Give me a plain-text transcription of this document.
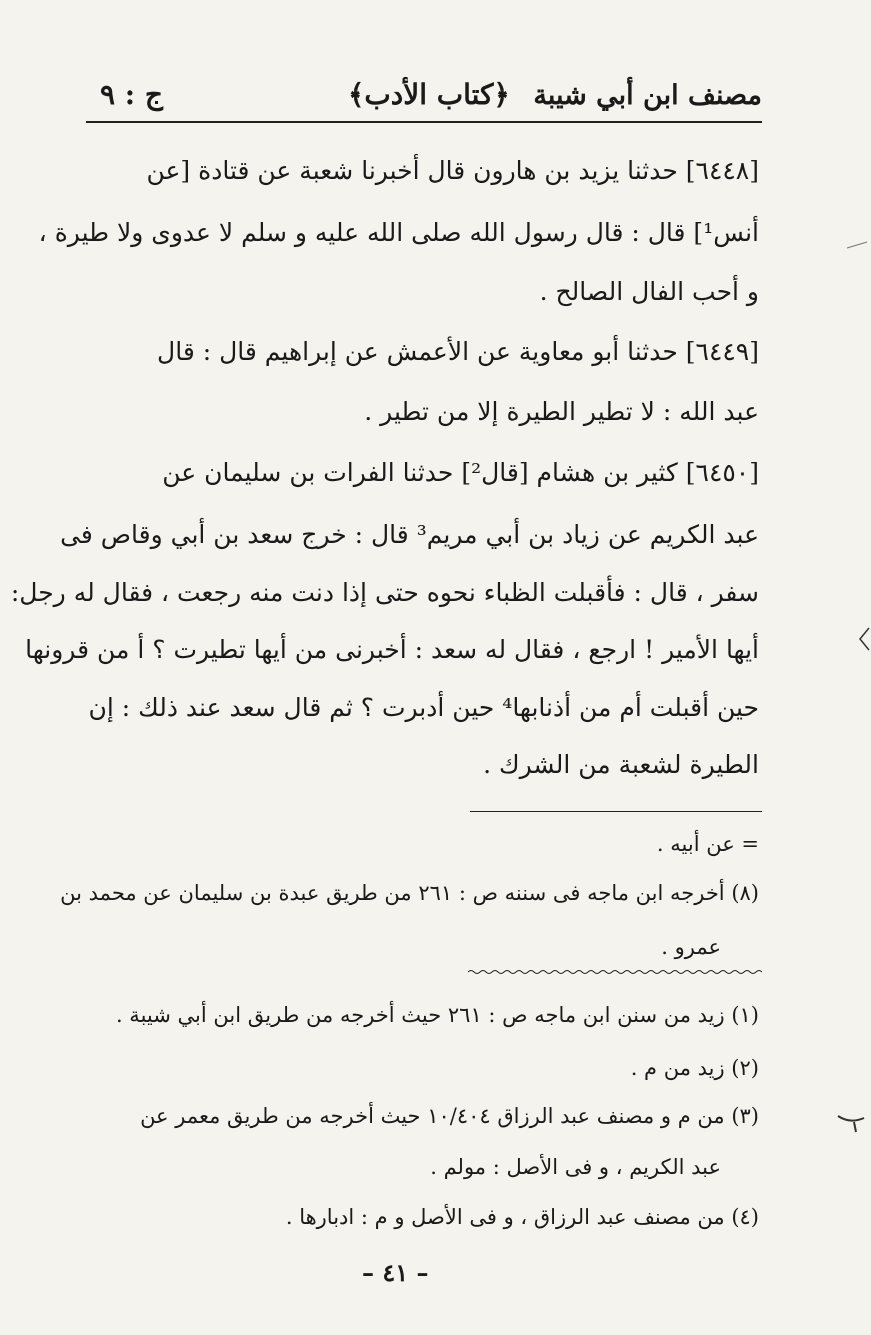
مصنف ابن أبي شيبة
﴿كتاب الأدب﴾
ج : ٩
[٦٤٤٨] حدثنا يزيد بن هارون قال أخبرنا شعبة عن قتادة [عن
أنس¹] قال : قال رسول الله صلى الله عليه و سلم لا عدوى ولا طيرة ،
و أحب الفال الصالح .
[٦٤٤٩] حدثنا أبو معاوية عن الأعمش عن إبراهيم قال : قال
عبد الله : لا تطير الطيرة إلا من تطير .
[٦٤٥٠] كثير بن هشام [قال²] حدثنا الفرات بن سليمان عن
عبد الكريم عن زياد بن أبي مريم³ قال : خرج سعد بن أبي وقاص فى
سفر ، قال : فأقبلت الظباء نحوه حتى إذا دنت منه رجعت ، فقال له رجل:
أيها الأمير ! ارجع ، فقال له سعد : أخبرنى من أيها تطيرت ؟ أ من قرونها
حين أقبلت أم من أذنابها⁴ حين أدبرت ؟ ثم قال سعد عند ذلك : إن
الطيرة لشعبة من الشرك .
= عن أبيه .
(٨) أخرجه ابن ماجه فى سننه ص : ٢٦١ من طريق عبدة بن سليمان عن محمد بن
عمرو .
(١) زيد من سنن ابن ماجه ص : ٢٦١ حيث أخرجه من طريق ابن أبي شيبة .
(٢) زيد من م .
(٣) من م و مصنف عبد الرزاق ١٠/٤٠٤ حيث أخرجه من طريق معمر عن
عبد الكريم ، و فى الأصل : مولم .
(٤) من مصنف عبد الرزاق ، و فى الأصل و م : ادبارها .
– ٤١ –
